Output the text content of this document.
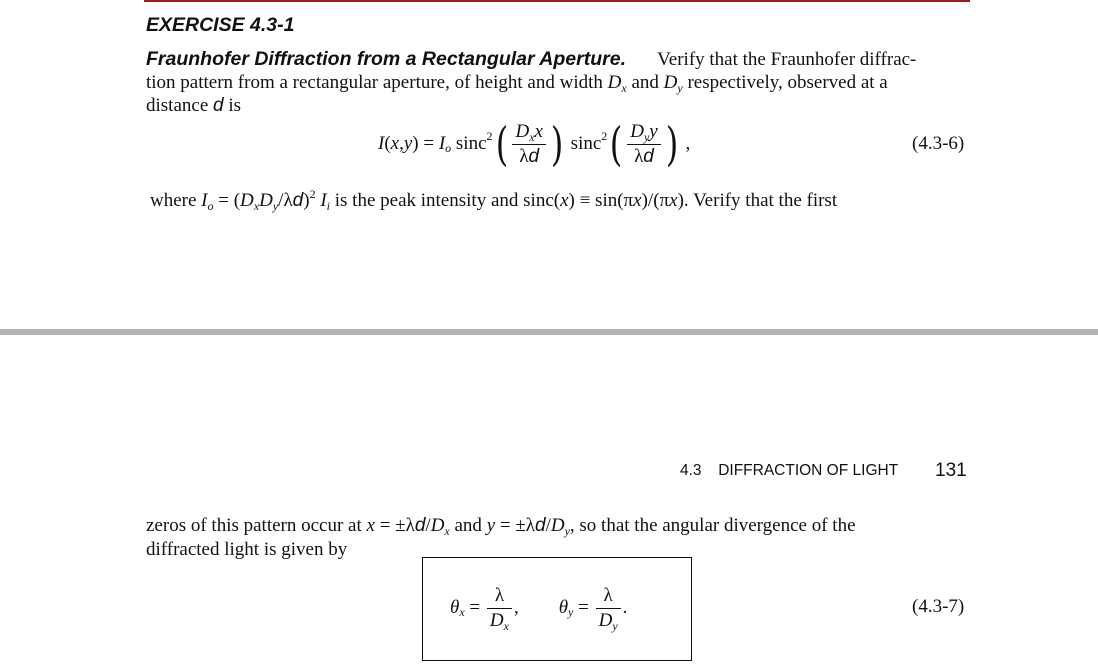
EXERCISE 4.3-1
Fraunhofer Diffraction from a Rectangular Aperture. Verify that the Fraunhofer diffrac-
tion pattern from a rectangular aperture, of height and width $D_x$ and $D_y$ respectively, observed at a
distance d is
I ( x , y ) = I o sinc 2 ( $\frac{D_xx}{\lambda d}$ ) sinc 2 ( $\frac{D_yy}{\lambda d}$ ) ,	(4.3-6)
where $I_o = (D_xD_y/\lambda d)^2$ $I_i$ is the peak intensity and sinc(x) ≡ sin(πx)/(πx). Verify that the first
4.3 DIFFRACTION OF LIGHT 131
zeros of this pattern occur at $x = \pm\lambda d/D_x$ and $y = \pm\lambda d/D_y$, so that the angular divergence of the
diffracted light is given by
θ $x = \frac{\lambda}{D_x}$ , θ $y = \frac{\lambda}{D_y}$ .	(4.3-7)
